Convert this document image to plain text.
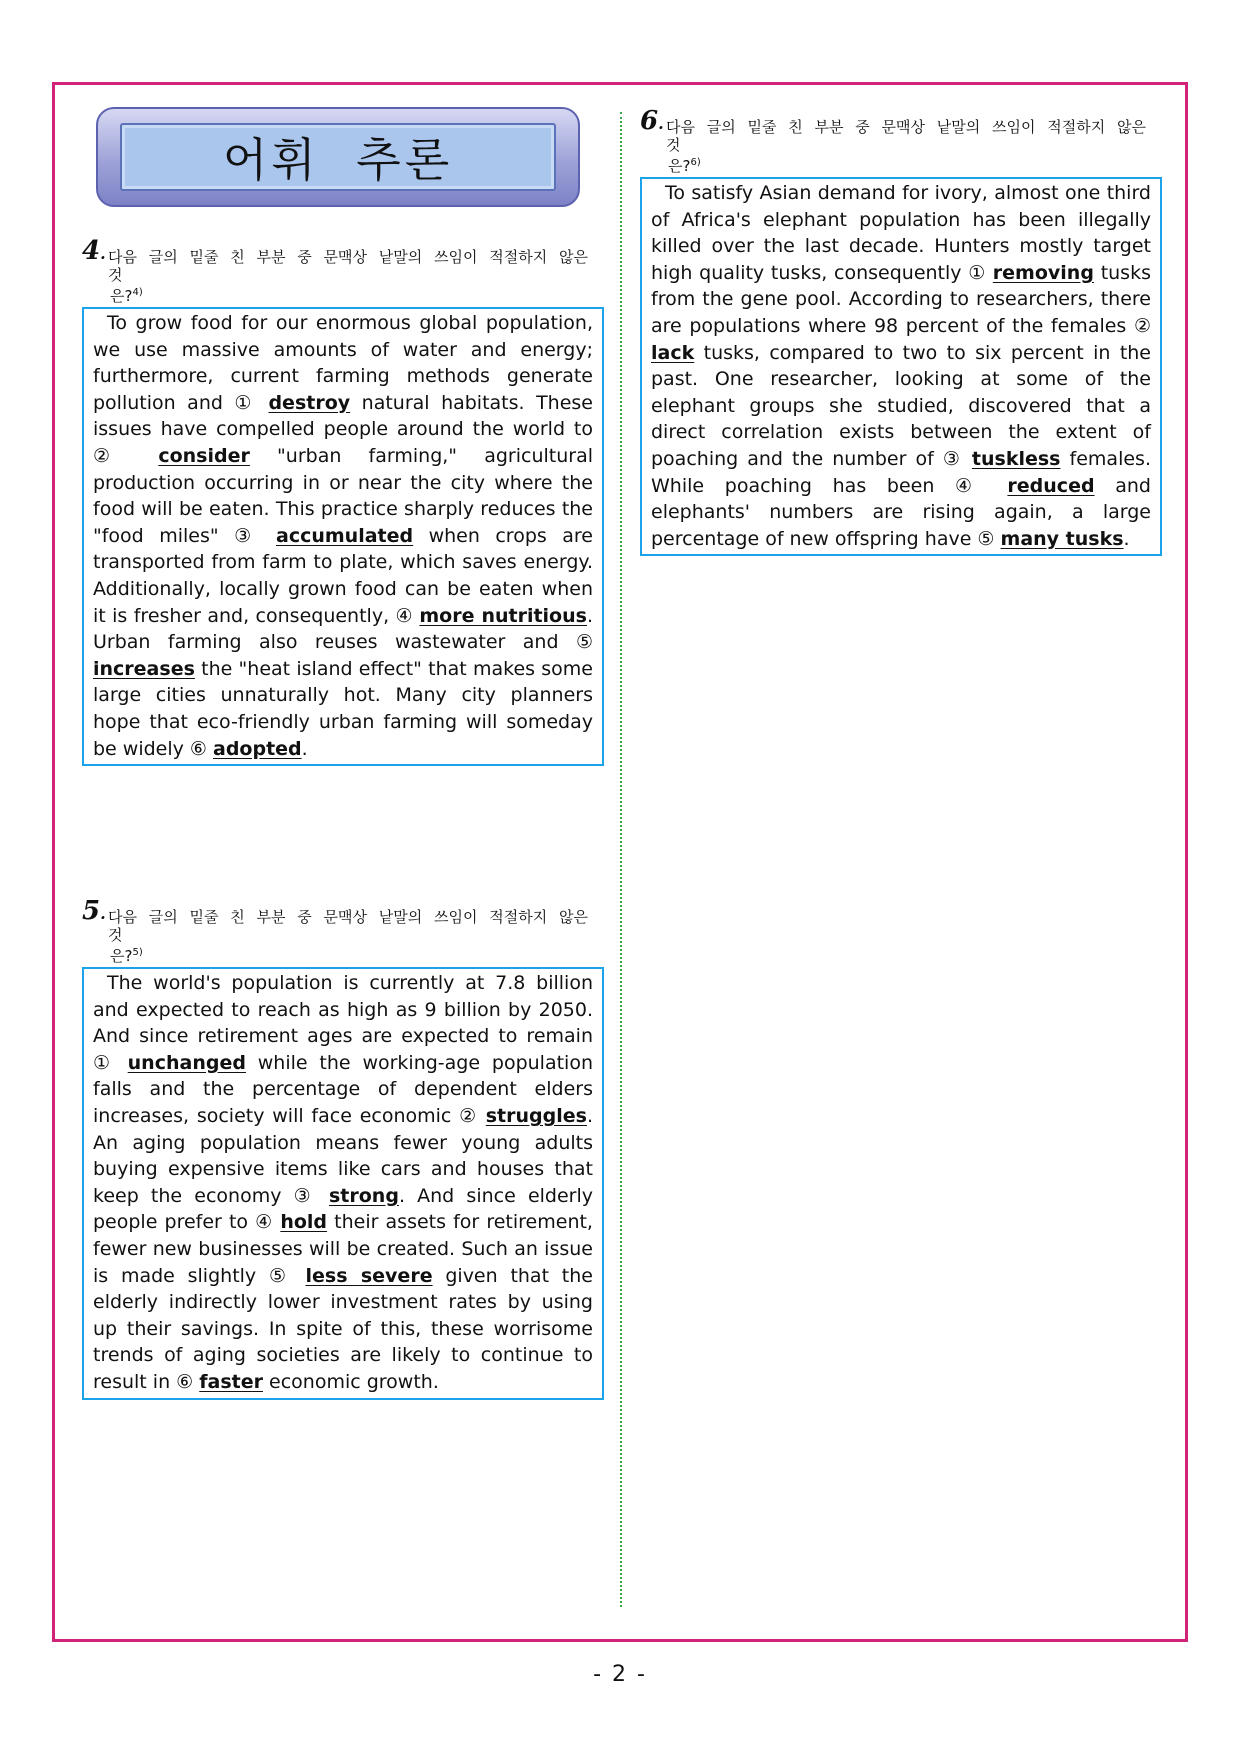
어휘 추론
4. 다음 글의 밑줄 친 부분 중 문맥상 낱말의 쓰임이 적절하지 않은 것
은?$^{4)}$

To grow food for our enormous global population, we use massive amounts of water and energy; furthermore, current farming methods generate pollution and ① destroy natural habitats. These issues have compelled people around the world to ② consider "urban farming," agricultural production occurring in or near the city where the food will be eaten. This practice sharply reduces the "food miles" ③ accumulated when crops are transported from farm to plate, which saves energy. Additionally, locally grown food can be eaten when it is fresher and, consequently, ④ more nutritious. Urban farming also reuses wastewater and ⑤ increases the "heat island effect" that makes some large cities unnaturally hot. Many city planners hope that eco-friendly urban farming will someday be widely ⑥ adopted.

5. 다음 글의 밑줄 친 부분 중 문맥상 낱말의 쓰임이 적절하지 않은 것
은?$^{5)}$

The world's population is currently at 7.8 billion and expected to reach as high as 9 billion by 2050. And since retirement ages are expected to remain ① unchanged while the working-age population falls and the percentage of dependent elders increases, society will face economic ② struggles. An aging population means fewer young adults buying expensive items like cars and houses that keep the economy ③ strong. And since elderly people prefer to ④ hold their assets for retirement, fewer new businesses will be created. Such an issue is made slightly ⑤ less severe given that the elderly indirectly lower investment rates by using up their savings. In spite of this, these worrisome trends of aging societies are likely to continue to result in ⑥ faster economic growth.

6. 다음 글의 밑줄 친 부분 중 문맥상 낱말의 쓰임이 적절하지 않은 것
은?$^{6)}$

To satisfy Asian demand for ivory, almost one third of Africa's elephant population has been illegally killed over the last decade. Hunters mostly target high quality tusks, consequently ① removing tusks from the gene pool. According to researchers, there are populations where 98 percent of the females ② lack tusks, compared to two to six percent in the past. One researcher, looking at some of the elephant groups she studied, discovered that a direct correlation exists between the extent of poaching and the number of ③ tuskless females. While poaching has been ④ reduced and elephants' numbers are rising again, a large percentage of new offspring have ⑤ many tusks.

- 2 -
